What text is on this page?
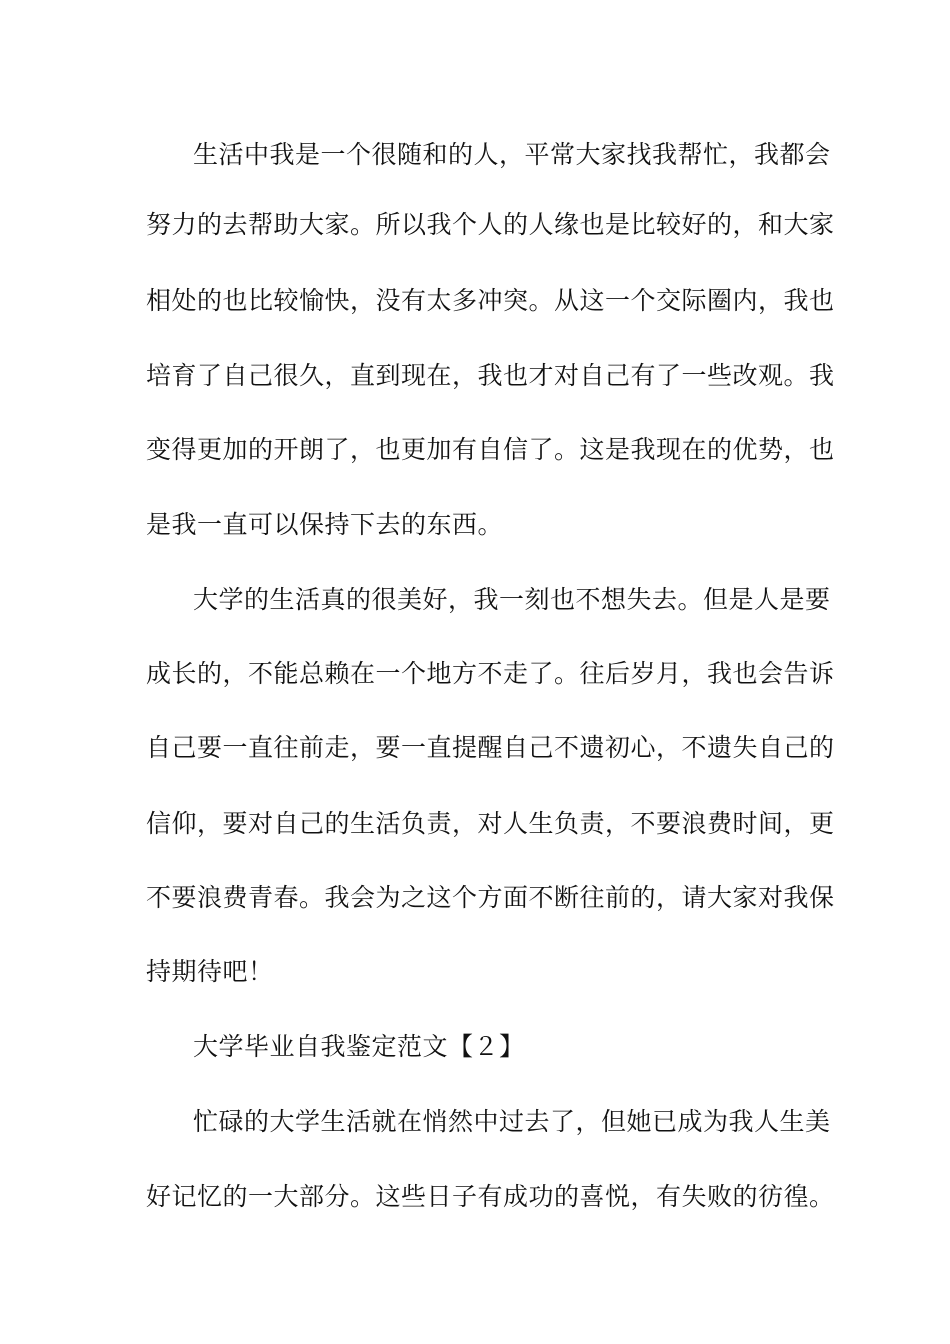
生活中我是一个很随和的人，平常大家找我帮忙，我都会
努力的去帮助大家。所以我个人的人缘也是比较好的，和大家
相处的也比较愉快，没有太多冲突。从这一个交际圈内，我也
培育了自己很久，直到现在，我也才对自己有了一些改观。我
变得更加的开朗了，也更加有自信了。这是我现在的优势，也
是我一直可以保持下去的东西。
大学的生活真的很美好，我一刻也不想失去。但是人是要
成长的，不能总赖在一个地方不走了。往后岁月，我也会告诉
自己要一直往前走，要一直提醒自己不遗初心，不遗失自己的
信仰，要对自己的生活负责，对人生负责，不要浪费时间，更
不要浪费青春。我会为之这个方面不断往前的，请大家对我保
持期待吧！
大学毕业自我鉴定范文【２】
忙碌的大学生活就在悄然中过去了，但她已成为我人生美
好记忆的一大部分。这些日子有成功的喜悦，有失败的彷徨。
